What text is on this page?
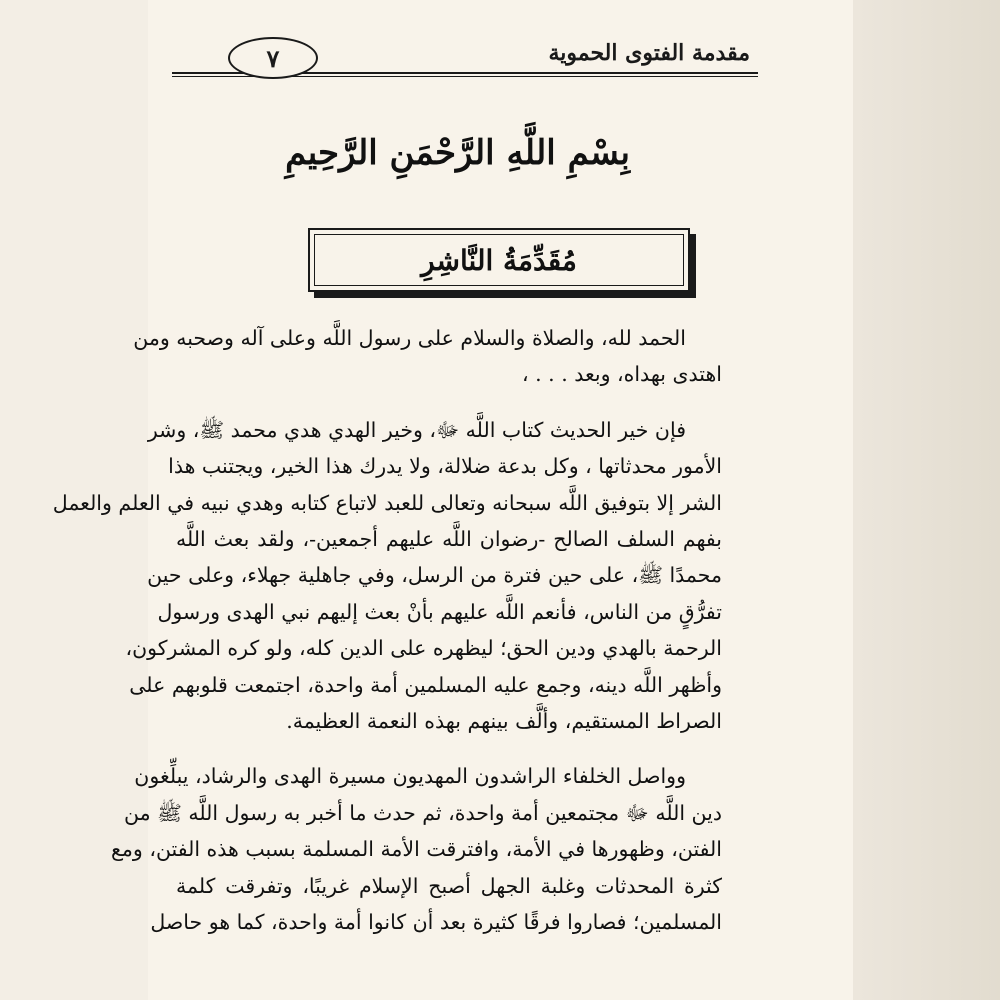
مقدمة الفتوى الحموية
٧
بِسْمِ اللَّهِ الرَّحْمَنِ الرَّحِيمِ
مُقَدِّمَةُ النَّاشِرِ
الحمد لله، والصلاة والسلام على رسول اللَّه وعلى آله وصحبه ومن
اهتدى بهداه، وبعد . . . ،
فإن خير الحديث كتاب اللَّه ﷻ، وخير الهدي هدي محمد ﷺ، وشر
الأمور محدثاتها ، وكل بدعة ضلالة، ولا يدرك هذا الخير، ويجتنب هذا
الشر إلا بتوفيق اللَّه سبحانه وتعالى للعبد لاتباع كتابه وهدي نبيه في العلم والعمل
بفهم السلف الصالح -رضوان اللَّه عليهم أجمعين-، ولقد بعث اللَّه
محمدًا ﷺ، على حين فترة من الرسل، وفي جاهلية جهلاء، وعلى حين
تفرُّقٍ من الناس، فأنعم اللَّه عليهم بأنْ بعث إليهم نبي الهدى ورسول
الرحمة بالهدي ودين الحق؛ ليظهره على الدين كله، ولو كره المشركون،
وأظهر اللَّه دينه، وجمع عليه المسلمين أمة واحدة، اجتمعت قلوبهم على
الصراط المستقيم، وألَّف بينهم بهذه النعمة العظيمة.
وواصل الخلفاء الراشدون المهديون مسيرة الهدى والرشاد، يبلِّغون
دين اللَّه ﷻ مجتمعين أمة واحدة، ثم حدث ما أخبر به رسول اللَّه ﷺ من
الفتن، وظهورها في الأمة، وافترقت الأمة المسلمة بسبب هذه الفتن، ومع
كثرة المحدثات وغلبة الجهل أصبح الإسلام غريبًا، وتفرقت كلمة
المسلمين؛ فصاروا فرقًا كثيرة بعد أن كانوا أمة واحدة، كما هو حاصل
